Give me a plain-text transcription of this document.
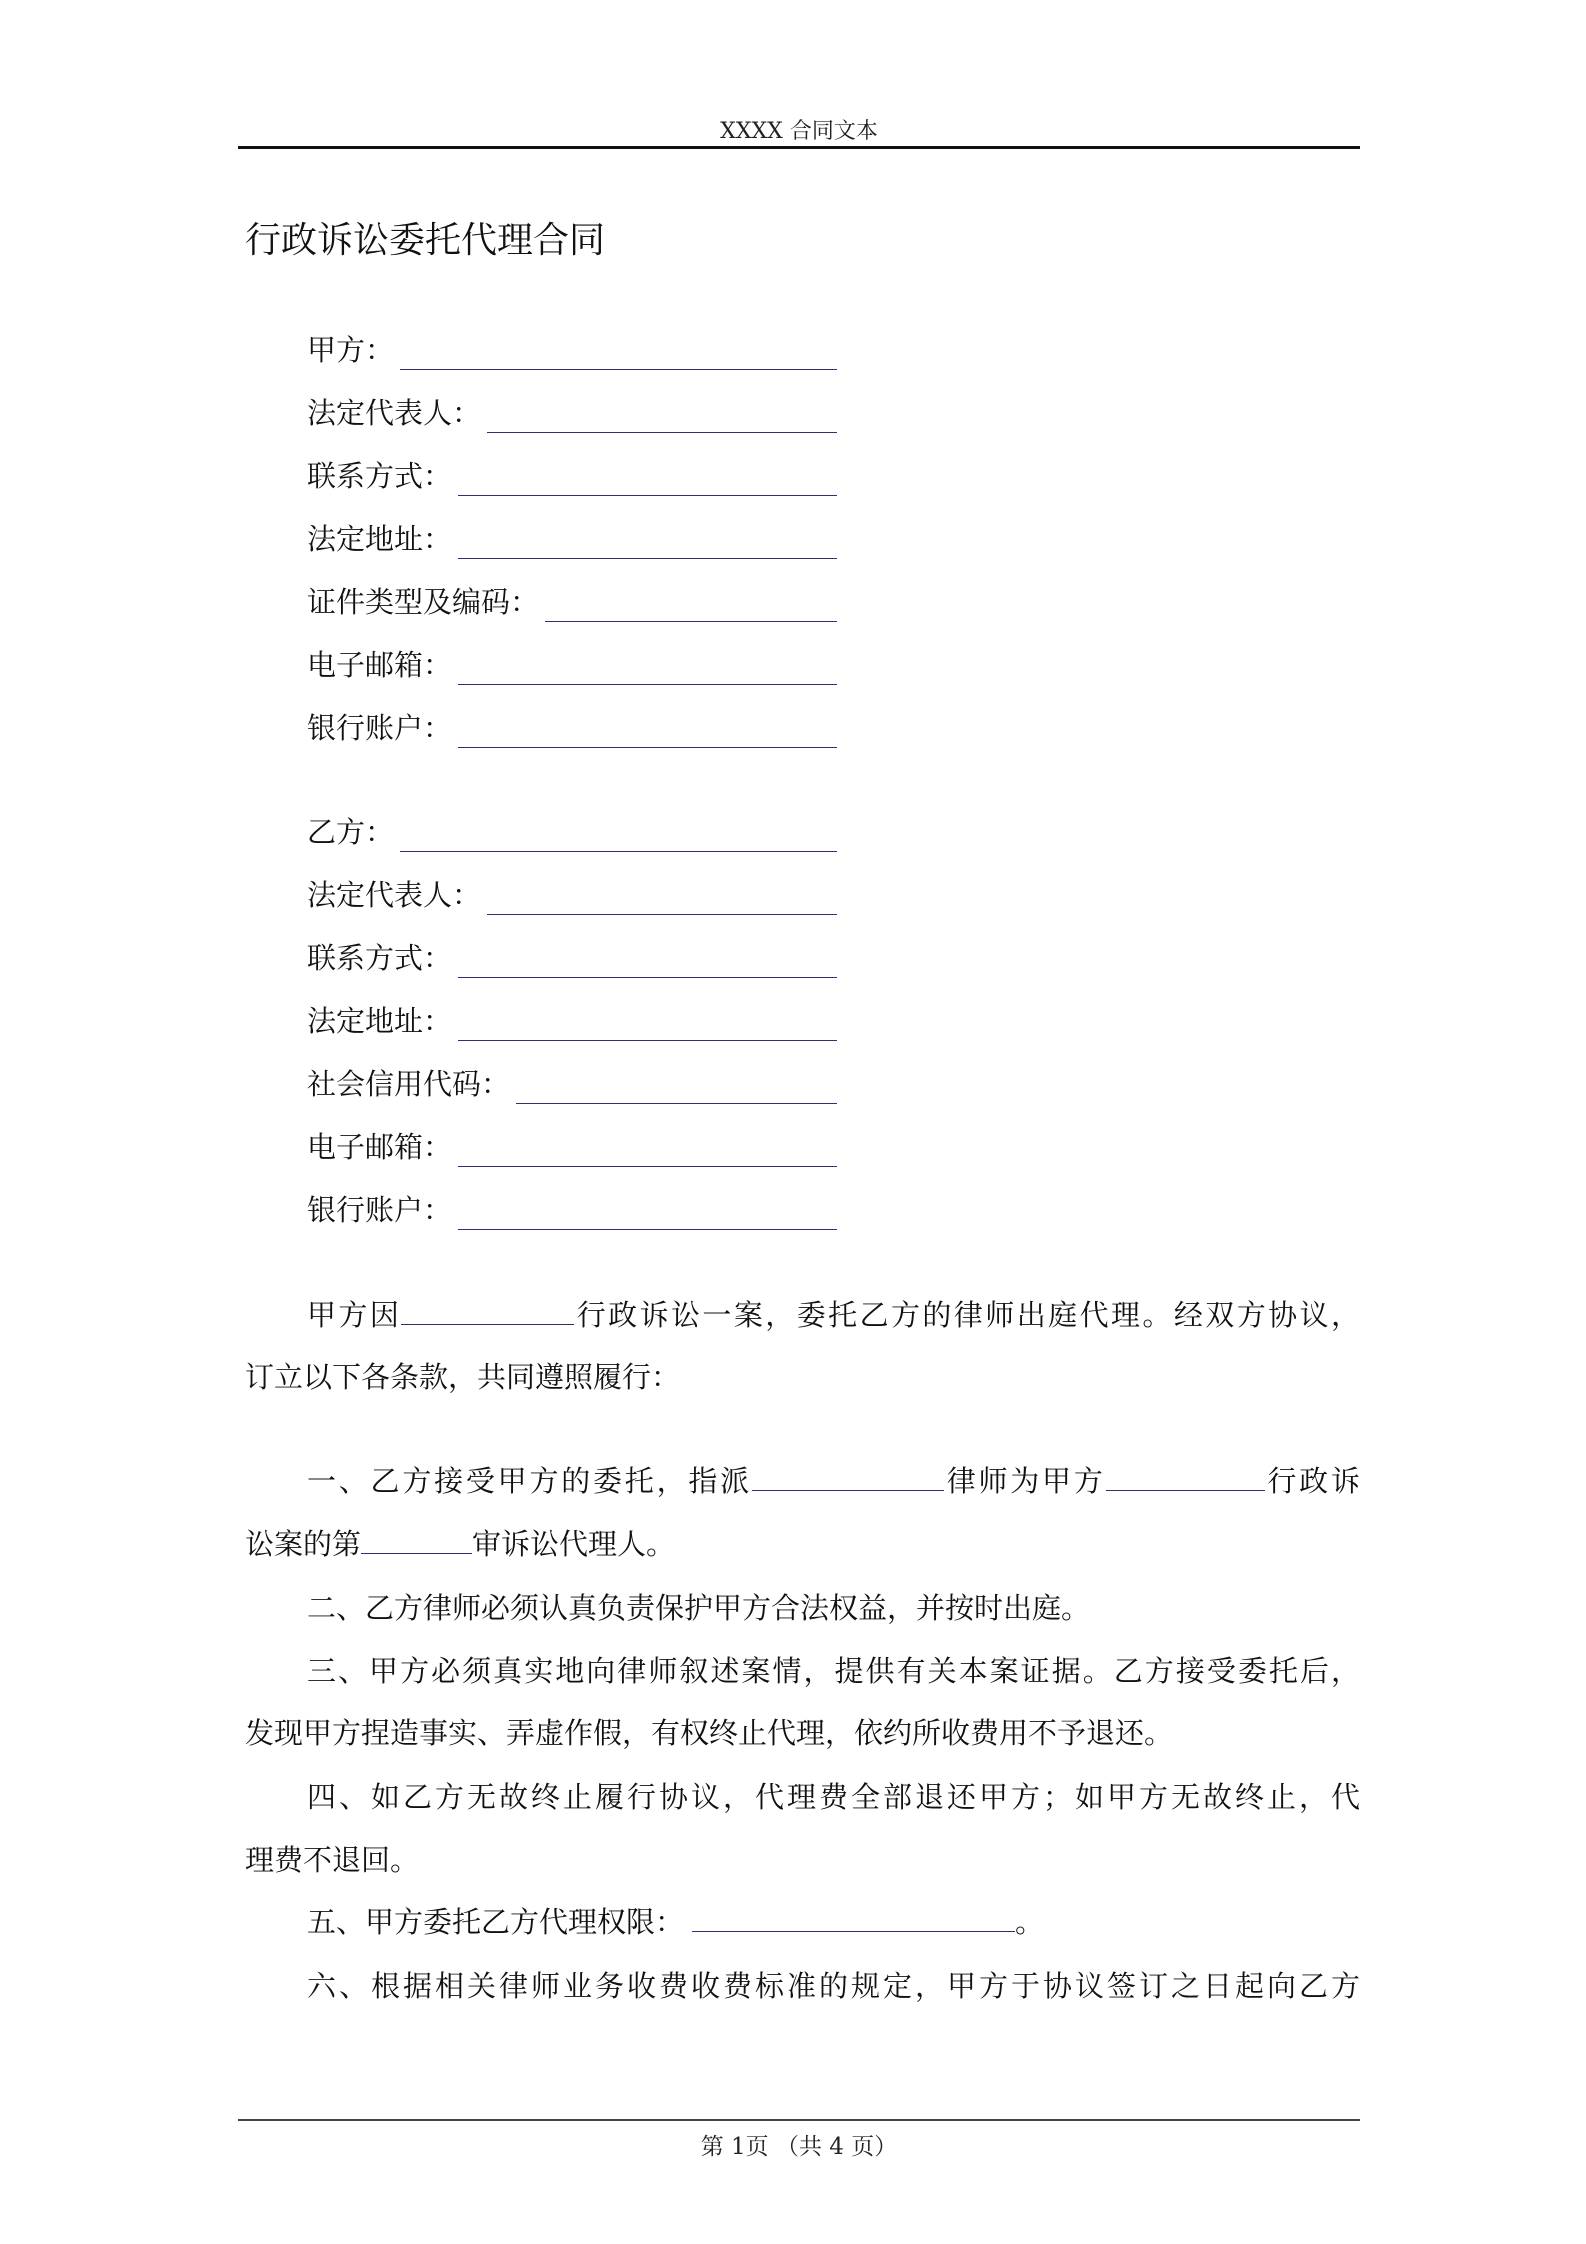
XXXX 合同文本
行政诉讼委托代理合同
甲方：
法定代表人：
联系方式：
法定地址：
证件类型及编码：
电子邮箱：
银行账户：
乙方：
法定代表人：
联系方式：
法定地址：
社会信用代码：
电子邮箱：
银行账户：
甲方因	行政诉讼一案，委托乙方的律师出庭代理。经双方协议，
订立以下各条款，共同遵照履行：
一、乙方接受甲方的委托，指派	律师为甲方	行政诉
讼案的第	审诉讼代理人。
二、乙方律师必须认真负责保护甲方合法权益，并按时出庭。
三、甲方必须真实地向律师叙述案情，提供有关本案证据。乙方接受委托后，
发现甲方捏造事实、弄虚作假，有权终止代理，依约所收费用不予退还。
四、如乙方无故终止履行协议，代理费全部退还甲方；如甲方无故终止，代
理费不退回。
五、甲方委托乙方代理权限：	。
六、根据相关律师业务收费收费标准的规定，甲方于协议签订之日起向乙方
第 1页 （共 4 页）
